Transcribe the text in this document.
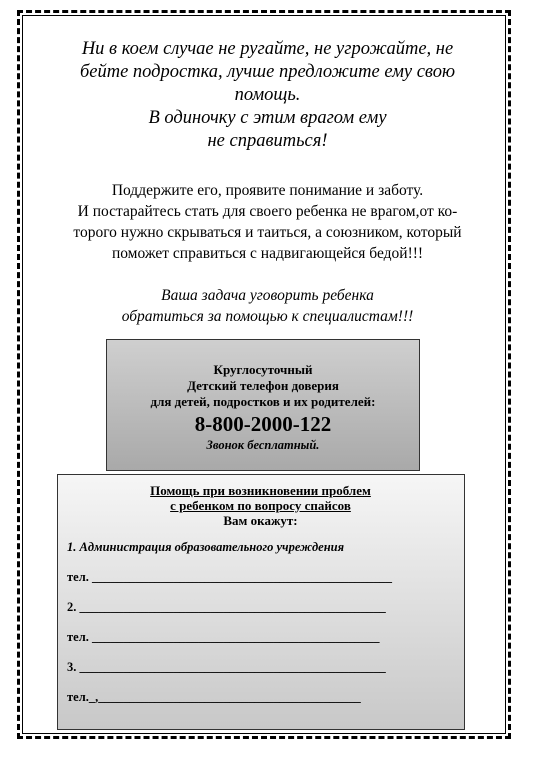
Ни в коем случае не ругайте, не угрожайте, не
бейте подростка, лучше предложите ему свою
помощь.
В одиночку с этим врагом ему
не справиться!

Поддержите его, проявите понимание и заботу.
И постарайтесь стать для своего ребенка не врагом,от ко-
торого нужно скрываться и таиться, а союзником, который
поможет справиться с надвигающейся бедой!!!

Ваша задача уговорить ребенка
обратиться за помощью к специалистам!!!

Круглосуточный
Детский телефон доверия
для детей, подростков и их родителей:
8-800-2000-122
Звонок бесплатный.
Помощь при возникновении проблем
с ребенком по вопросу спайсов
Вам окажут:
1. Администрация образовательного учреждения
тел. ________________________________________________
2. _________________________________________________
тел. ______________________________________________
3. _________________________________________________
тел._,__________________________________________
